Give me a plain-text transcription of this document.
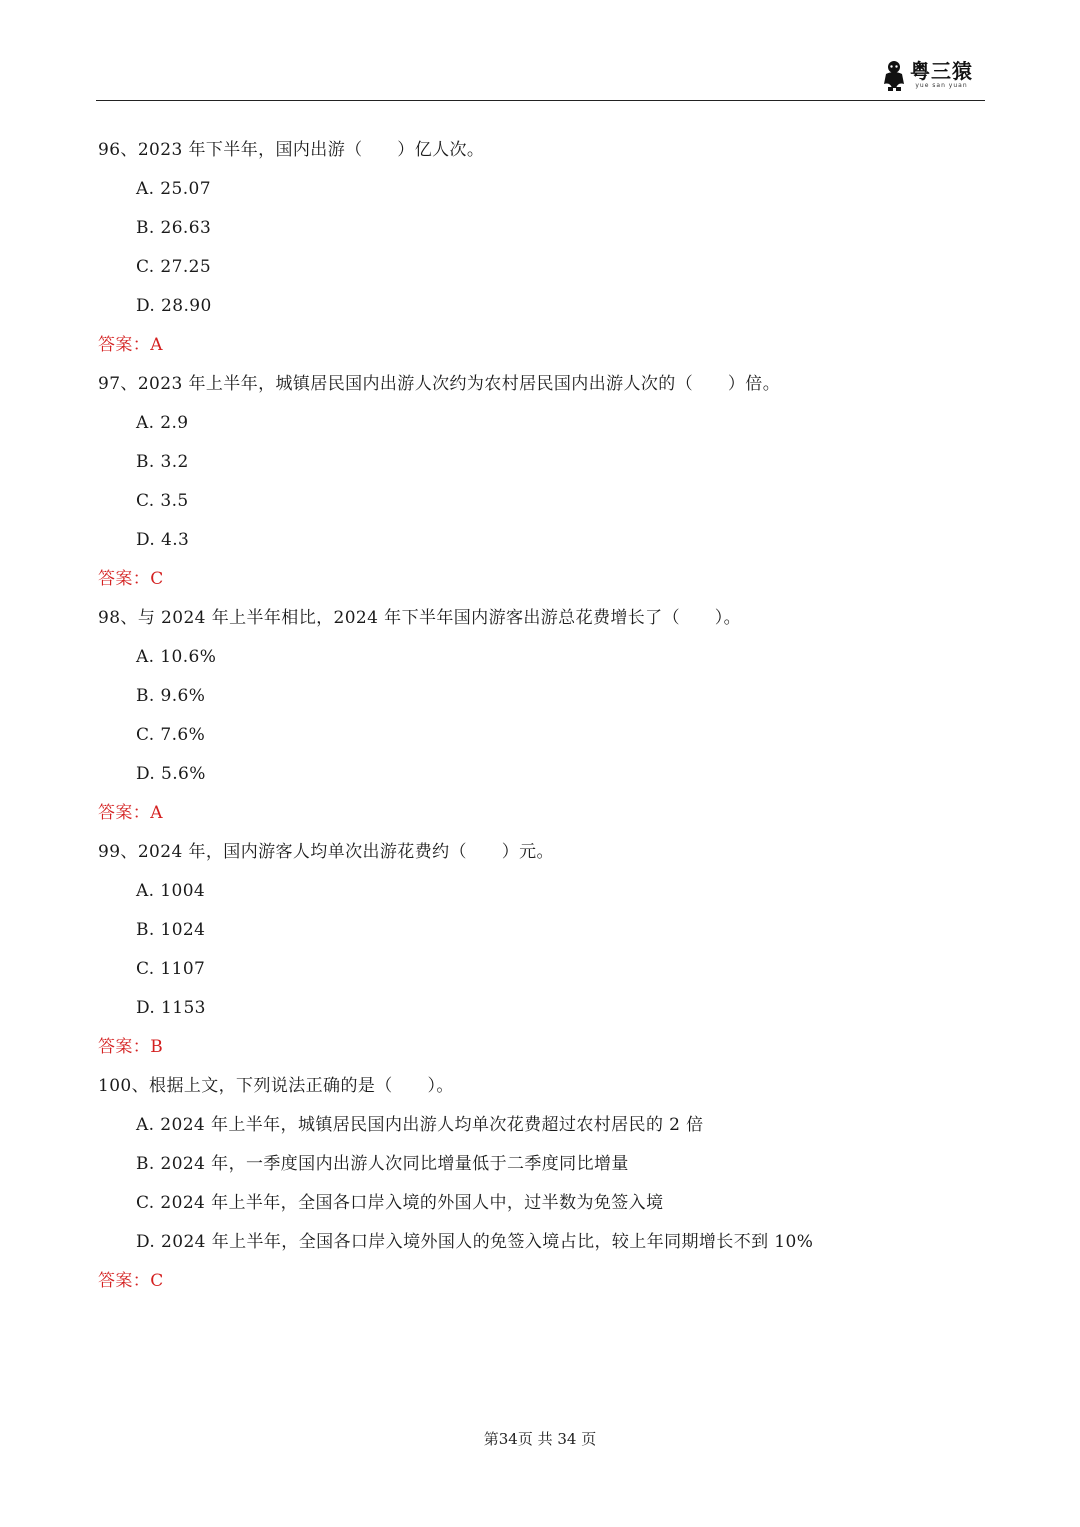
粤三猿
yue san yuan
96、2023 年下半年，国内出游（　　）亿人次。
A. 25.07
B. 26.63
C. 27.25
D. 28.90
答案：A
97、2023 年上半年，城镇居民国内出游人次约为农村居民国内出游人次的（　　）倍。
A. 2.9
B. 3.2
C. 3.5
D. 4.3
答案：C
98、与 2024 年上半年相比，2024 年下半年国内游客出游总花费增长了（　　）。
A. 10.6%
B. 9.6%
C. 7.6%
D. 5.6%
答案：A
99、2024 年，国内游客人均单次出游花费约（　　）元。
A. 1004
B. 1024
C. 1107
D. 1153
答案：B
100、根据上文，下列说法正确的是（　　）。
A. 2024 年上半年，城镇居民国内出游人均单次花费超过农村居民的 2 倍
B. 2024 年，一季度国内出游人次同比增量低于二季度同比增量
C. 2024 年上半年，全国各口岸入境的外国人中，过半数为免签入境
D. 2024 年上半年，全国各口岸入境外国人的免签入境占比，较上年同期增长不到 10%
答案：C
第34页 共 34 页
